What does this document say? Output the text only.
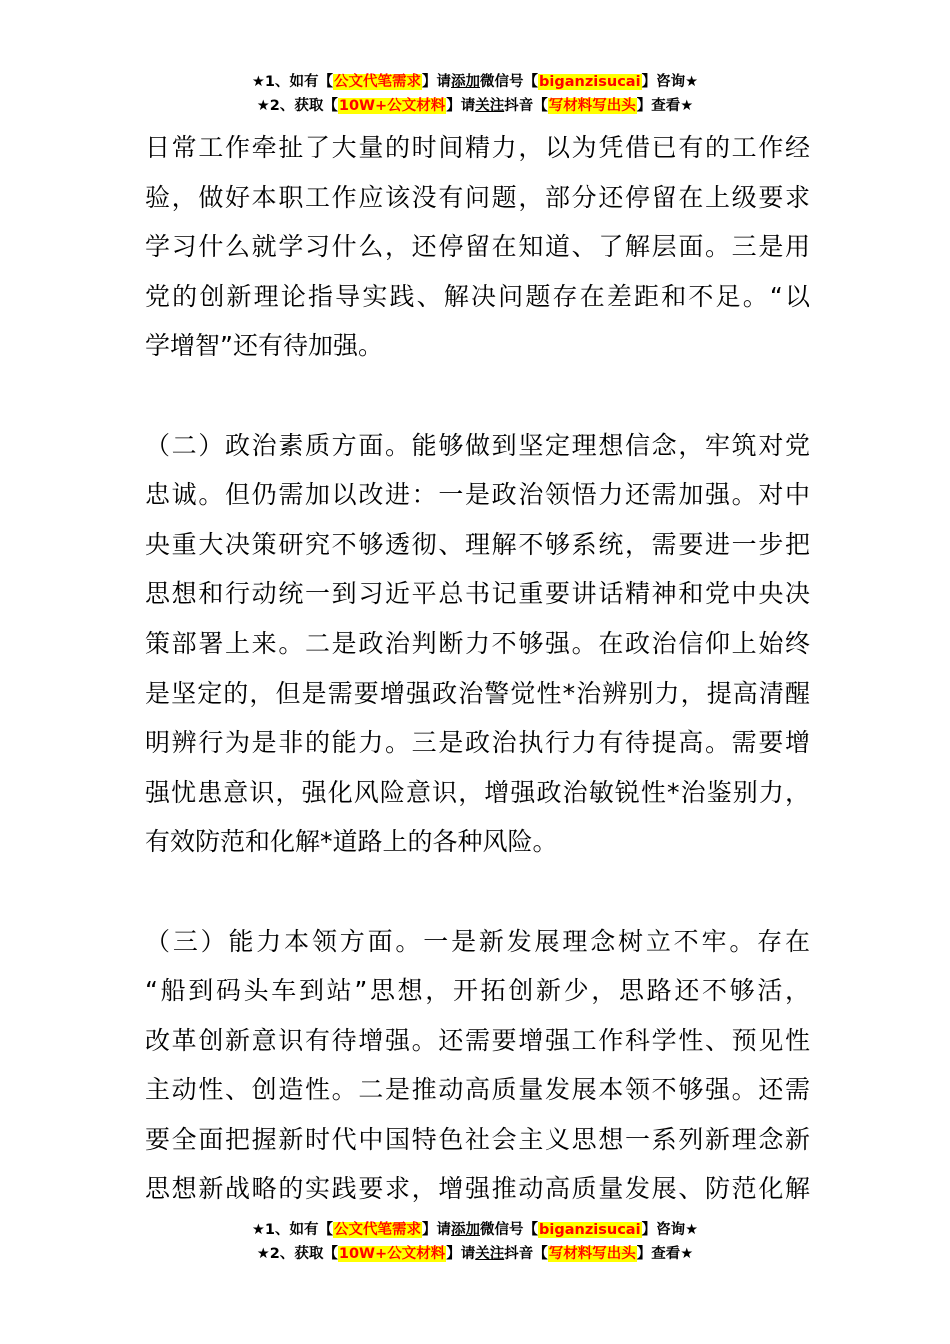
★1、如有【公文代笔需求】请添加微信号【biganzisucai】咨询★
★2、获取【10W+公文材料】请关注抖音【写材料写出头】查看★
日常工作牵扯了大量的时间精力，以为凭借已有的工作经
验，做好本职工作应该没有问题，部分还停留在上级要求
学习什么就学习什么，还停留在知道、了解层面。三是用
党的创新理论指导实践、解决问题存在差距和不足。“以
学增智”还有待加强。
（二）政治素质方面。能够做到坚定理想信念，牢筑对党
忠诚。但仍需加以改进：一是政治领悟力还需加强。对中
央重大决策研究不够透彻、理解不够系统，需要进一步把
思想和行动统一到习近平总书记重要讲话精神和党中央决
策部署上来。二是政治判断力不够强。在政治信仰上始终
是坚定的，但是需要增强政治警觉性*治辨别力，提高清醒
明辨行为是非的能力。三是政治执行力有待提高。需要增
强忧患意识，强化风险意识，增强政治敏锐性*治鉴别力，
有效防范和化解*道路上的各种风险。
（三）能力本领方面。一是新发展理念树立不牢。存在
“船到码头车到站”思想，开拓创新少，思路还不够活，
改革创新意识有待增强。还需要增强工作科学性、预见性
主动性、创造性。二是推动高质量发展本领不够强。还需
要全面把握新时代中国特色社会主义思想一系列新理念新
思想新战略的实践要求，增强推动高质量发展、防范化解
★1、如有【公文代笔需求】请添加微信号【biganzisucai】咨询★
★2、获取【10W+公文材料】请关注抖音【写材料写出头】查看★
